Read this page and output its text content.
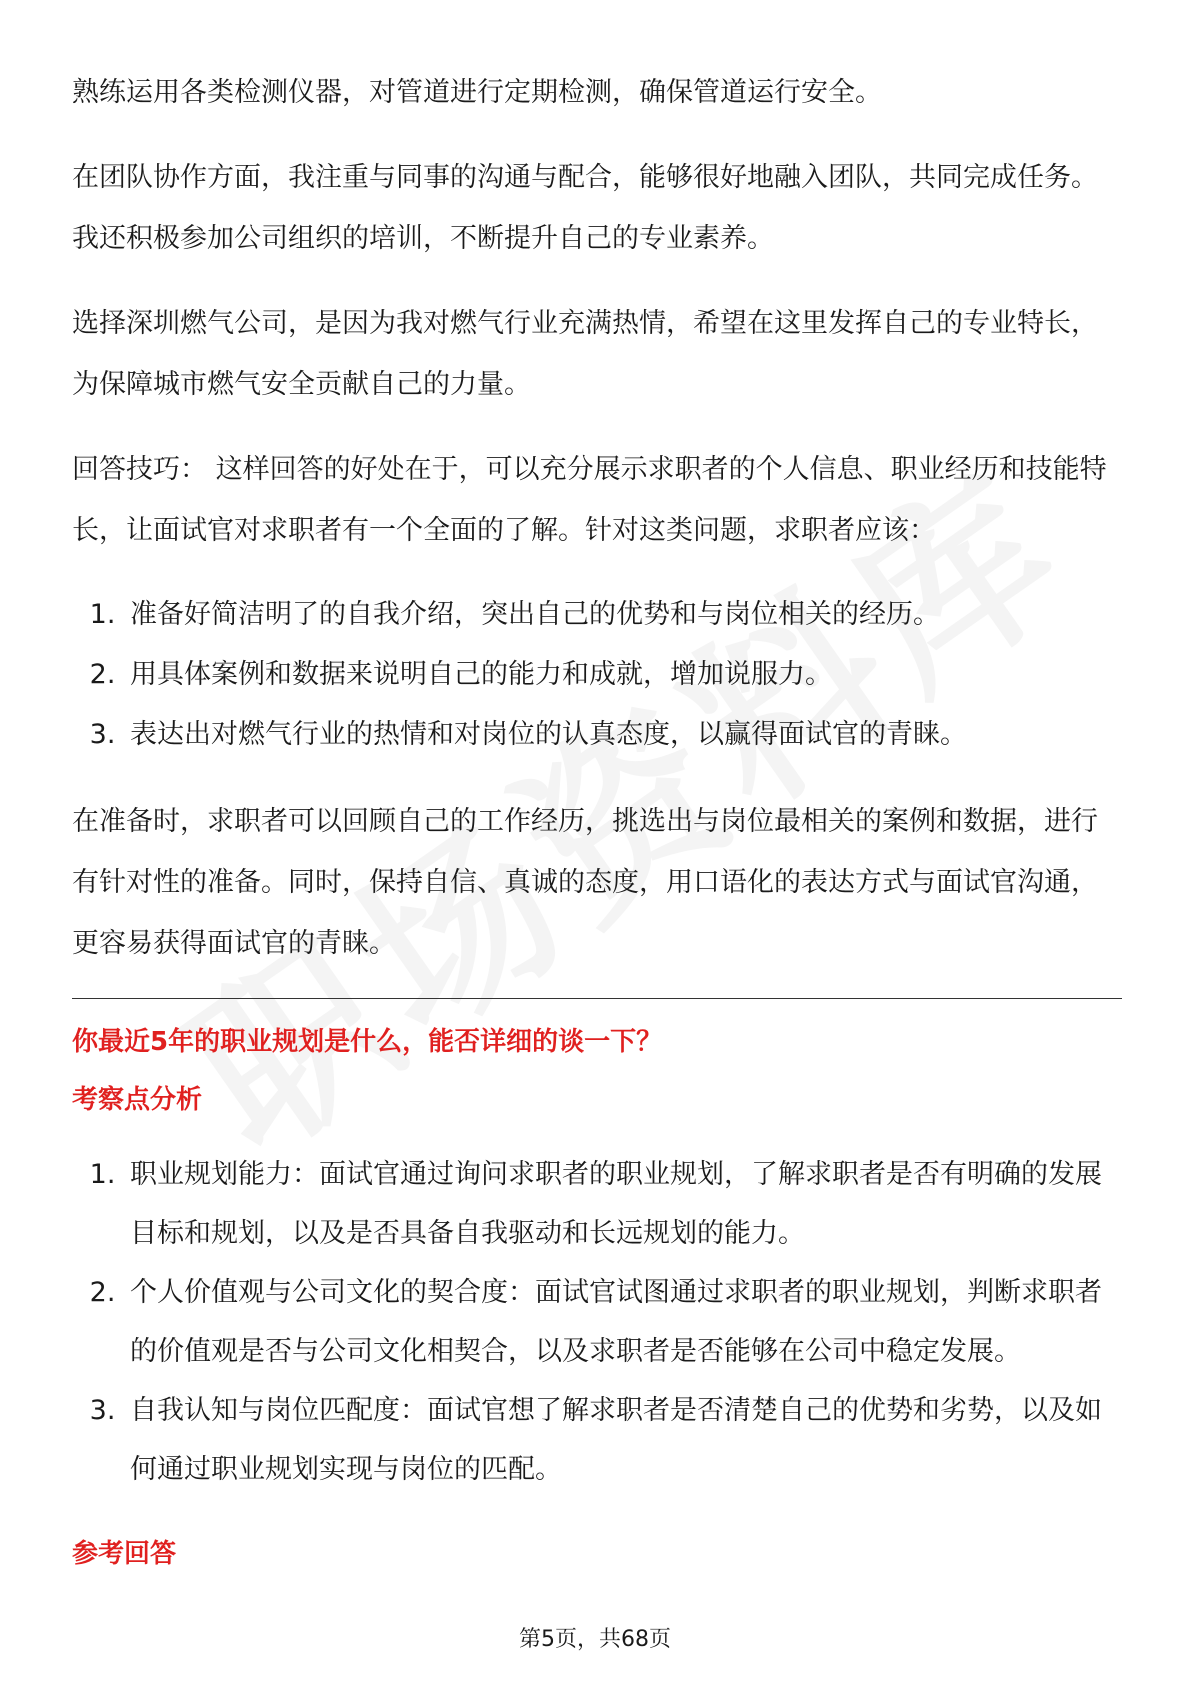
熟练运用各类检测仪器，对管道进行定期检测，确保管道运行安全。

在团队协作方面，我注重与同事的沟通与配合，能够很好地融入团队，共同完成任务。我还积极参加公司组织的培训，不断提升自己的专业素养。

选择深圳燃气公司，是因为我对燃气行业充满热情，希望在这里发挥自己的专业特长，为保障城市燃气安全贡献自己的力量。

回答技巧： 这样回答的好处在于，可以充分展示求职者的个人信息、职业经历和技能特长，让面试官对求职者有一个全面的了解。针对这类问题，求职者应该：

1. 准备好简洁明了的自我介绍，突出自己的优势和与岗位相关的经历。
2. 用具体案例和数据来说明自己的能力和成就，增加说服力。
3. 表达出对燃气行业的热情和对岗位的认真态度，以赢得面试官的青睐。

在准备时，求职者可以回顾自己的工作经历，挑选出与岗位最相关的案例和数据，进行有针对性的准备。同时，保持自信、真诚的态度，用口语化的表达方式与面试官沟通，更容易获得面试官的青睐。

你最近5年的职业规划是什么，能否详细的谈一下？
考察点分析
1. 职业规划能力：面试官通过询问求职者的职业规划，了解求职者是否有明确的发展目标和规划，以及是否具备自我驱动和长远规划的能力。
2. 个人价值观与公司文化的契合度：面试官试图通过求职者的职业规划，判断求职者的价值观是否与公司文化相契合，以及求职者是否能够在公司中稳定发展。
3. 自我认知与岗位匹配度：面试官想了解求职者是否清楚自己的优势和劣势，以及如何通过职业规划实现与岗位的匹配。
参考回答
第5页，共68页
